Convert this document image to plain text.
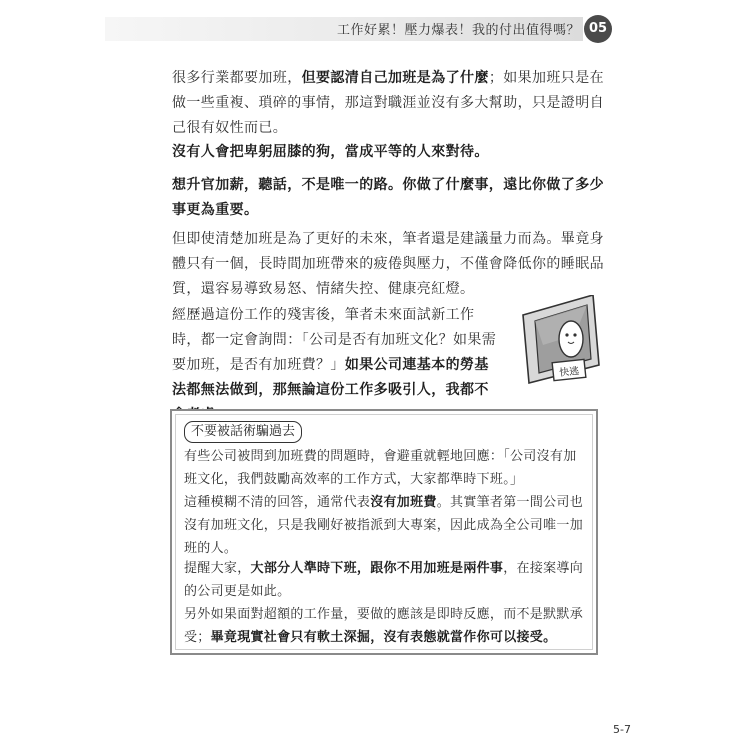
工作好累！壓力爆表！我的付出值得嗎？ 05

很多行業都要加班，但要認清自己加班是為了什麼；如果加班只是在做一些重複、瑣碎的事情，那這對職涯並沒有多大幫助，只是證明自己很有奴性而已。

沒有人會把卑躬屈膝的狗，當成平等的人來對待。

想升官加薪，聽話，不是唯一的路。你做了什麼事，遠比你做了多少事更為重要。

但即使清楚加班是為了更好的未來，筆者還是建議量力而為。畢竟身體只有一個，長時間加班帶來的疲倦與壓力，不僅會降低你的睡眠品質，還容易導致易怒、情緒失控、健康亮紅燈。

經歷過這份工作的殘害後，筆者未來面試新工作時，都一定會詢問：「公司是否有加班文化？如果需要加班，是否有加班費？」如果公司連基本的勞基法都無法做到，那無論這份工作多吸引人，我都不

快逃
不要被話術騙過去

有些公司被問到加班費的問題時，會避重就輕地回應：「公司沒有加班文化，我們鼓勵高效率的工作方式，大家都準時下班。」

這種模糊不清的回答，通常代表沒有加班費。其實筆者第一間公司也沒有加班文化，只是我剛好被指派到大專案，因此成為全公司唯一加班的人。

提醒大家，大部分人準時下班，跟你不用加班是兩件事，在接案導向的公司更是如此。

另外如果面對超額的工作量，要做的應該是即時反應，而不是默默承受；畢竟現實社會只有軟土深掘，沒有表態就當作你可以接受。

5-7
